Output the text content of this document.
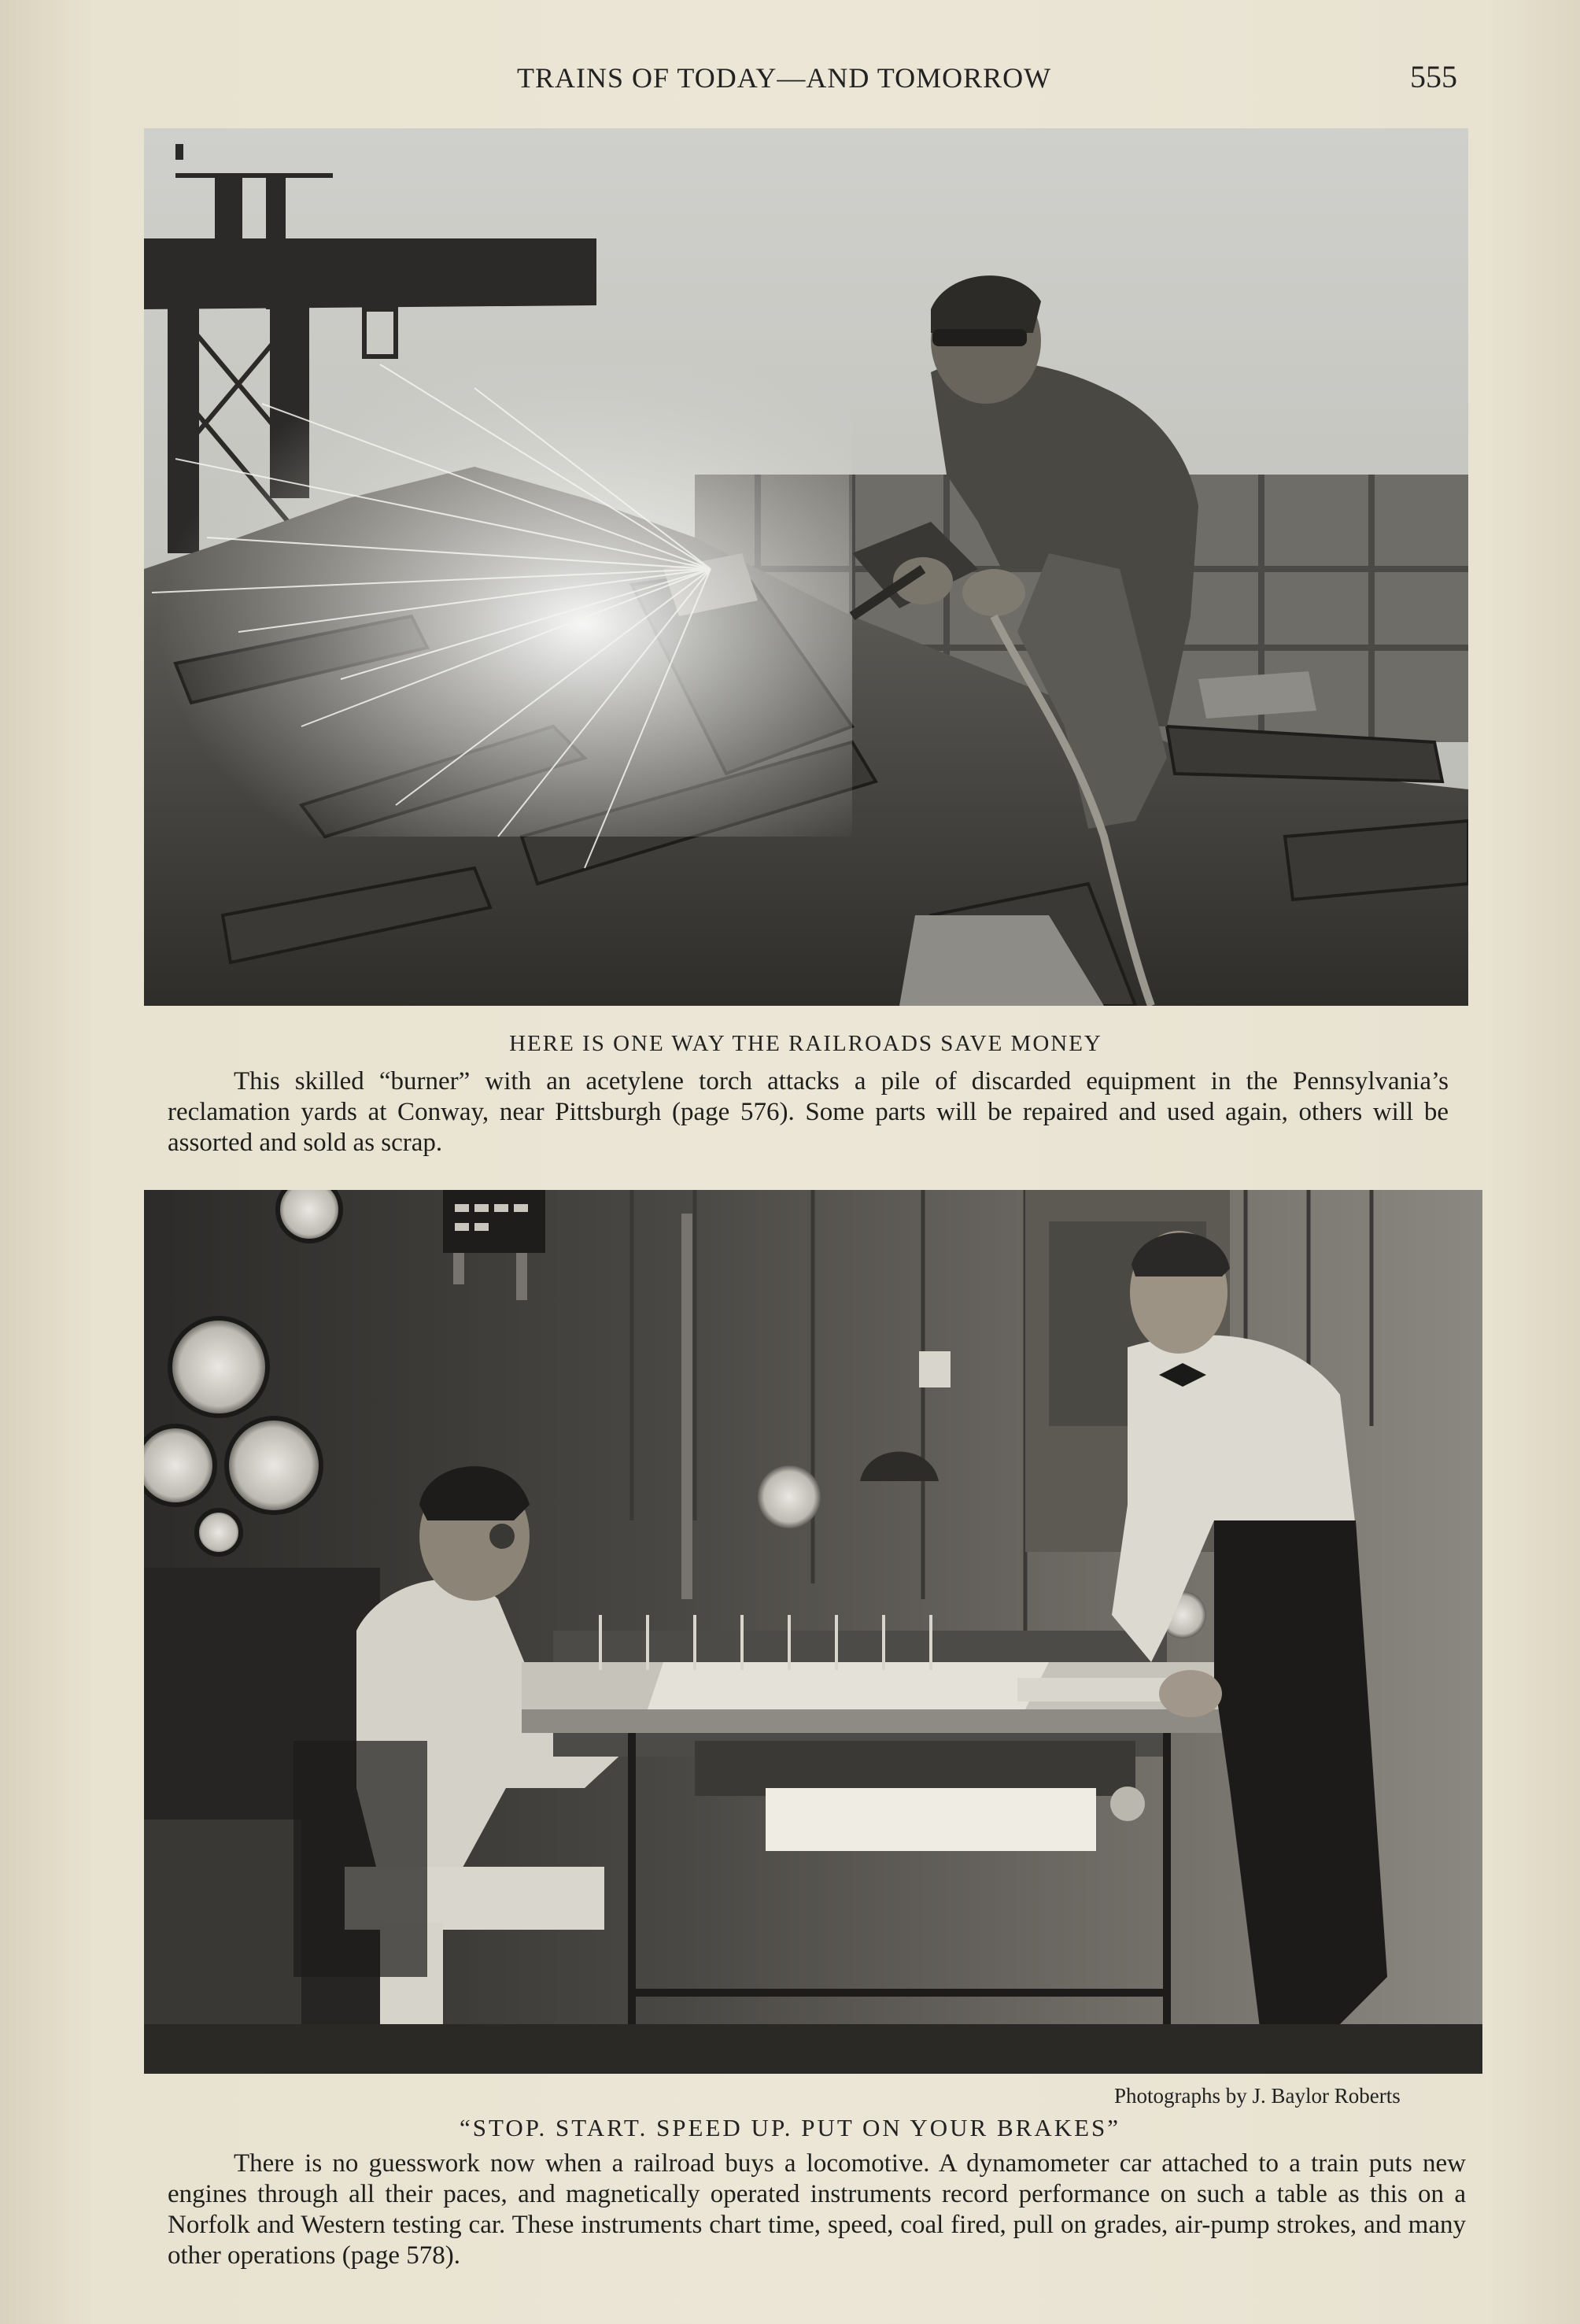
TRAINS OF TODAY—AND TOMORROW	555
HERE IS ONE WAY THE RAILROADS SAVE MONEY
This skilled “burner” with an acetylene torch attacks a pile of discarded equipment in the Pennsylvania’s reclamation yards at Conway, near Pittsburgh (page 576). Some parts will be repaired and used again, others will be assorted and sold as scrap.
Photographs by J. Baylor Roberts
“STOP. START. SPEED UP. PUT ON YOUR BRAKES”
There is no guesswork now when a railroad buys a locomotive. A dynamometer car attached to a train puts new engines through all their paces, and magnetically operated instruments record performance on such a table as this on a Norfolk and Western testing car. These instruments chart time, speed, coal fired, pull on grades, air-pump strokes, and many other operations (page 578).
